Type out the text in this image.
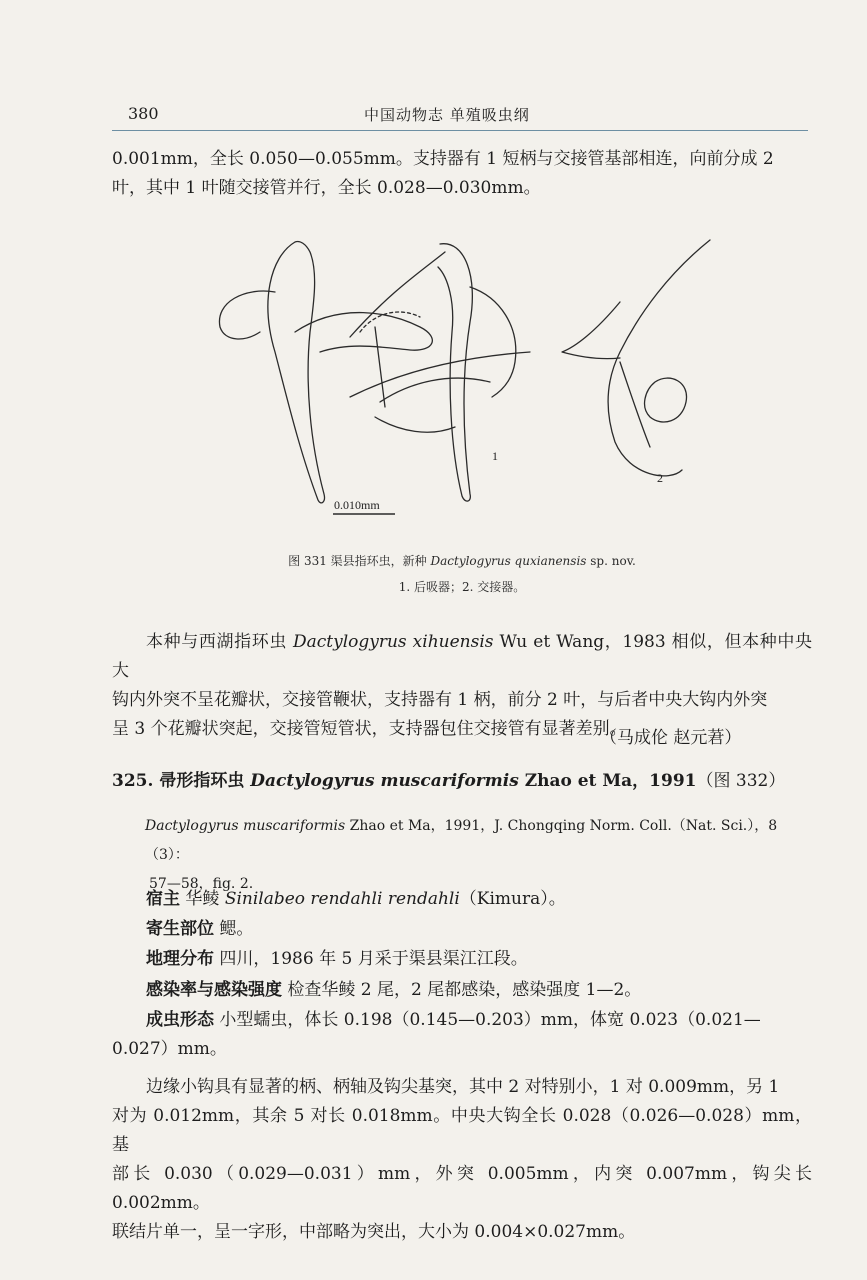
380	中国动物志 单殖吸虫纲

0.001mm，全长 0.050—0.055mm。支持器有 1 短柄与交接管基部相连，向前分成 2
叶，其中 1 叶随交接管并行，全长 0.028—0.030mm。

1
2
0.010mm
图 331 渠县指环虫，新种 Dactylogyrus quxianensis sp. nov.
1. 后吸器；2. 交接器。

本种与西湖指环虫 Dactylogyrus xihuensis Wu et Wang，1983 相似，但本种中央大
钩内外突不呈花瓣状，交接管鞭状，支持器有 1 柄，前分 2 叶，与后者中央大钩内外突
呈 3 个花瓣状突起，交接管短管状，支持器包住交接管有显著差别。

（马成伦 赵元莙）
325. 帚形指环虫 Dactylogyrus muscariformis Zhao et Ma，1991（图 332）

Dactylogyrus muscariformis Zhao et Ma，1991，J. Chongqing Norm. Coll.（Nat. Sci.），8（3）：
57—58，fig. 2.

宿主 华鲮 Sinilabeo rendahli rendahli（Kimura）。
寄生部位 鳃。
地理分布 四川，1986 年 5 月采于渠县渠江江段。
感染率与感染强度 检查华鲮 2 尾，2 尾都感染，感染强度 1—2。

成虫形态 小型蠕虫，体长 0.198（0.145—0.203）mm，体宽 0.023（0.021—
0.027）mm。

边缘小钩具有显著的柄、柄轴及钩尖基突，其中 2 对特别小，1 对 0.009mm，另 1
对为 0.012mm，其余 5 对长 0.018mm。中央大钩全长 0.028（0.026—0.028）mm，基
部长 0.030（0.029—0.031）mm，外突 0.005mm，内突 0.007mm，钩尖长 0.002mm。
联结片单一，呈一字形，中部略为突出，大小为 0.004×0.027mm。
